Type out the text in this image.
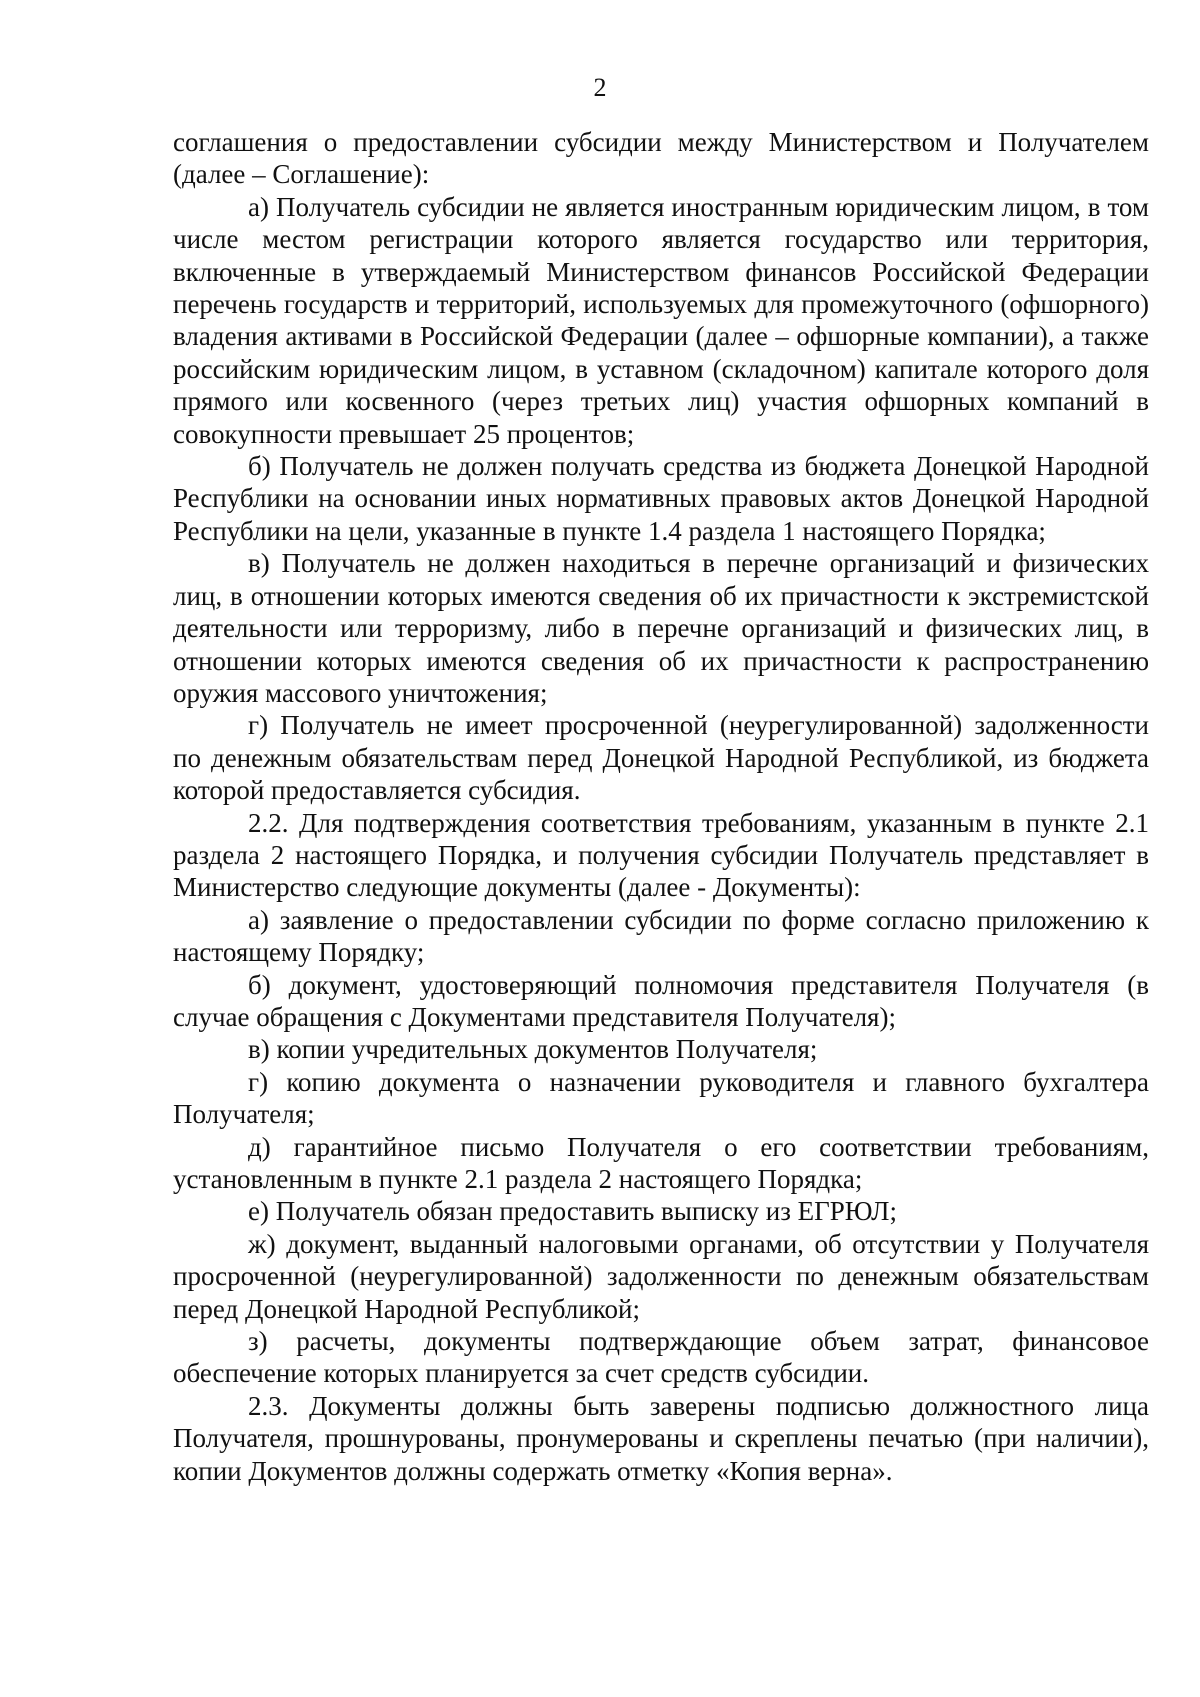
2

соглашения о предоставлении субсидии между Министерством и Получателем (далее – Соглашение):

а) Получатель субсидии не является иностранным юридическим лицом, в том числе местом регистрации которого является государство или территория, включенные в утверждаемый Министерством финансов Российской Федерации перечень государств и территорий, используемых для промежуточного (офшорного) владения активами в Российской Федерации (далее – офшорные компании), а также российским юридическим лицом, в уставном (складочном) капитале которого доля прямого или косвенного (через третьих лиц) участия офшорных компаний в совокупности превышает 25 процентов;

б) Получатель не должен получать средства из бюджета Донецкой Народной Республики на основании иных нормативных правовых актов Донецкой Народной Республики на цели, указанные в пункте 1.4 раздела 1 настоящего Порядка;

в) Получатель не должен находиться в перечне организаций и физических лиц, в отношении которых имеются сведения об их причастности к экстремистской деятельности или терроризму, либо в перечне организаций и физических лиц, в отношении которых имеются сведения об их причастности к распространению оружия массового уничтожения;

г) Получатель не имеет просроченной (неурегулированной) задолженности по денежным обязательствам перед Донецкой Народной Республикой, из бюджета которой предоставляется субсидия.

2.2. Для подтверждения соответствия требованиям, указанным в пункте 2.1 раздела 2 настоящего Порядка, и получения субсидии Получатель представляет в Министерство следующие документы (далее - Документы):

а) заявление о предоставлении субсидии по форме согласно приложению к настоящему Порядку;

б) документ, удостоверяющий полномочия представителя Получателя (в случае обращения с Документами представителя Получателя);

в) копии учредительных документов Получателя;

г) копию документа о назначении руководителя и главного бухгалтера Получателя;

д) гарантийное письмо Получателя о его соответствии требованиям, установленным в пункте 2.1 раздела 2 настоящего Порядка;

е) Получатель обязан предоставить выписку из ЕГРЮЛ;

ж) документ, выданный налоговыми органами, об отсутствии у Получателя просроченной (неурегулированной) задолженности по денежным обязательствам перед Донецкой Народной Республикой;

з) расчеты, документы подтверждающие объем затрат, финансовое обеспечение которых планируется за счет средств субсидии.

2.3. Документы должны быть заверены подписью должностного лица Получателя, прошнурованы, пронумерованы и скреплены печатью (при наличии), копии Документов должны содержать отметку «Копия верна».
